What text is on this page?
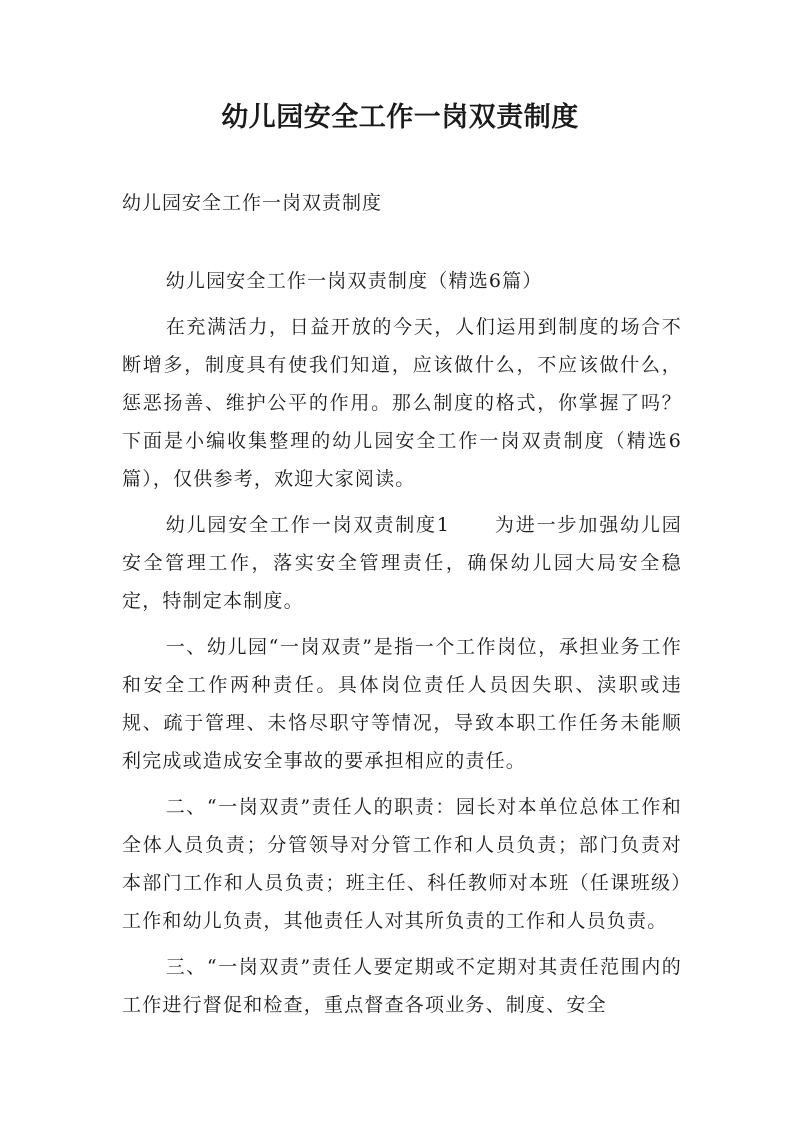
幼儿园安全工作一岗双责制度

幼儿园安全工作一岗双责制度

幼儿园安全工作一岗双责制度（精选6篇）

在充满活力，日益开放的今天，人们运用到制度的场合不断增多，制度具有使我们知道，应该做什么，不应该做什么，惩恶扬善、维护公平的作用。那么制度的格式，你掌握了吗？下面是小编收集整理的幼儿园安全工作一岗双责制度（精选6篇），仅供参考，欢迎大家阅读。

幼儿园安全工作一岗双责制度1 为进一步加强幼儿园安全管理工作，落实安全管理责任，确保幼儿园大局安全稳定，特制定本制度。

一、幼儿园“一岗双责”是指一个工作岗位，承担业务工作和安全工作两种责任。具体岗位责任人员因失职、渎职或违规、疏于管理、未恪尽职守等情况，导致本职工作任务未能顺利完成或造成安全事故的要承担相应的责任。

二、“一岗双责”责任人的职责：园长对本单位总体工作和全体人员负责；分管领导对分管工作和人员负责；部门负责对本部门工作和人员负责；班主任、科任教师对本班（任课班级）工作和幼儿负责，其他责任人对其所负责的工作和人员负责。

三、“一岗双责”责任人要定期或不定期对其责任范围内的工作进行督促和检查，重点督查各项业务、制度、安全
